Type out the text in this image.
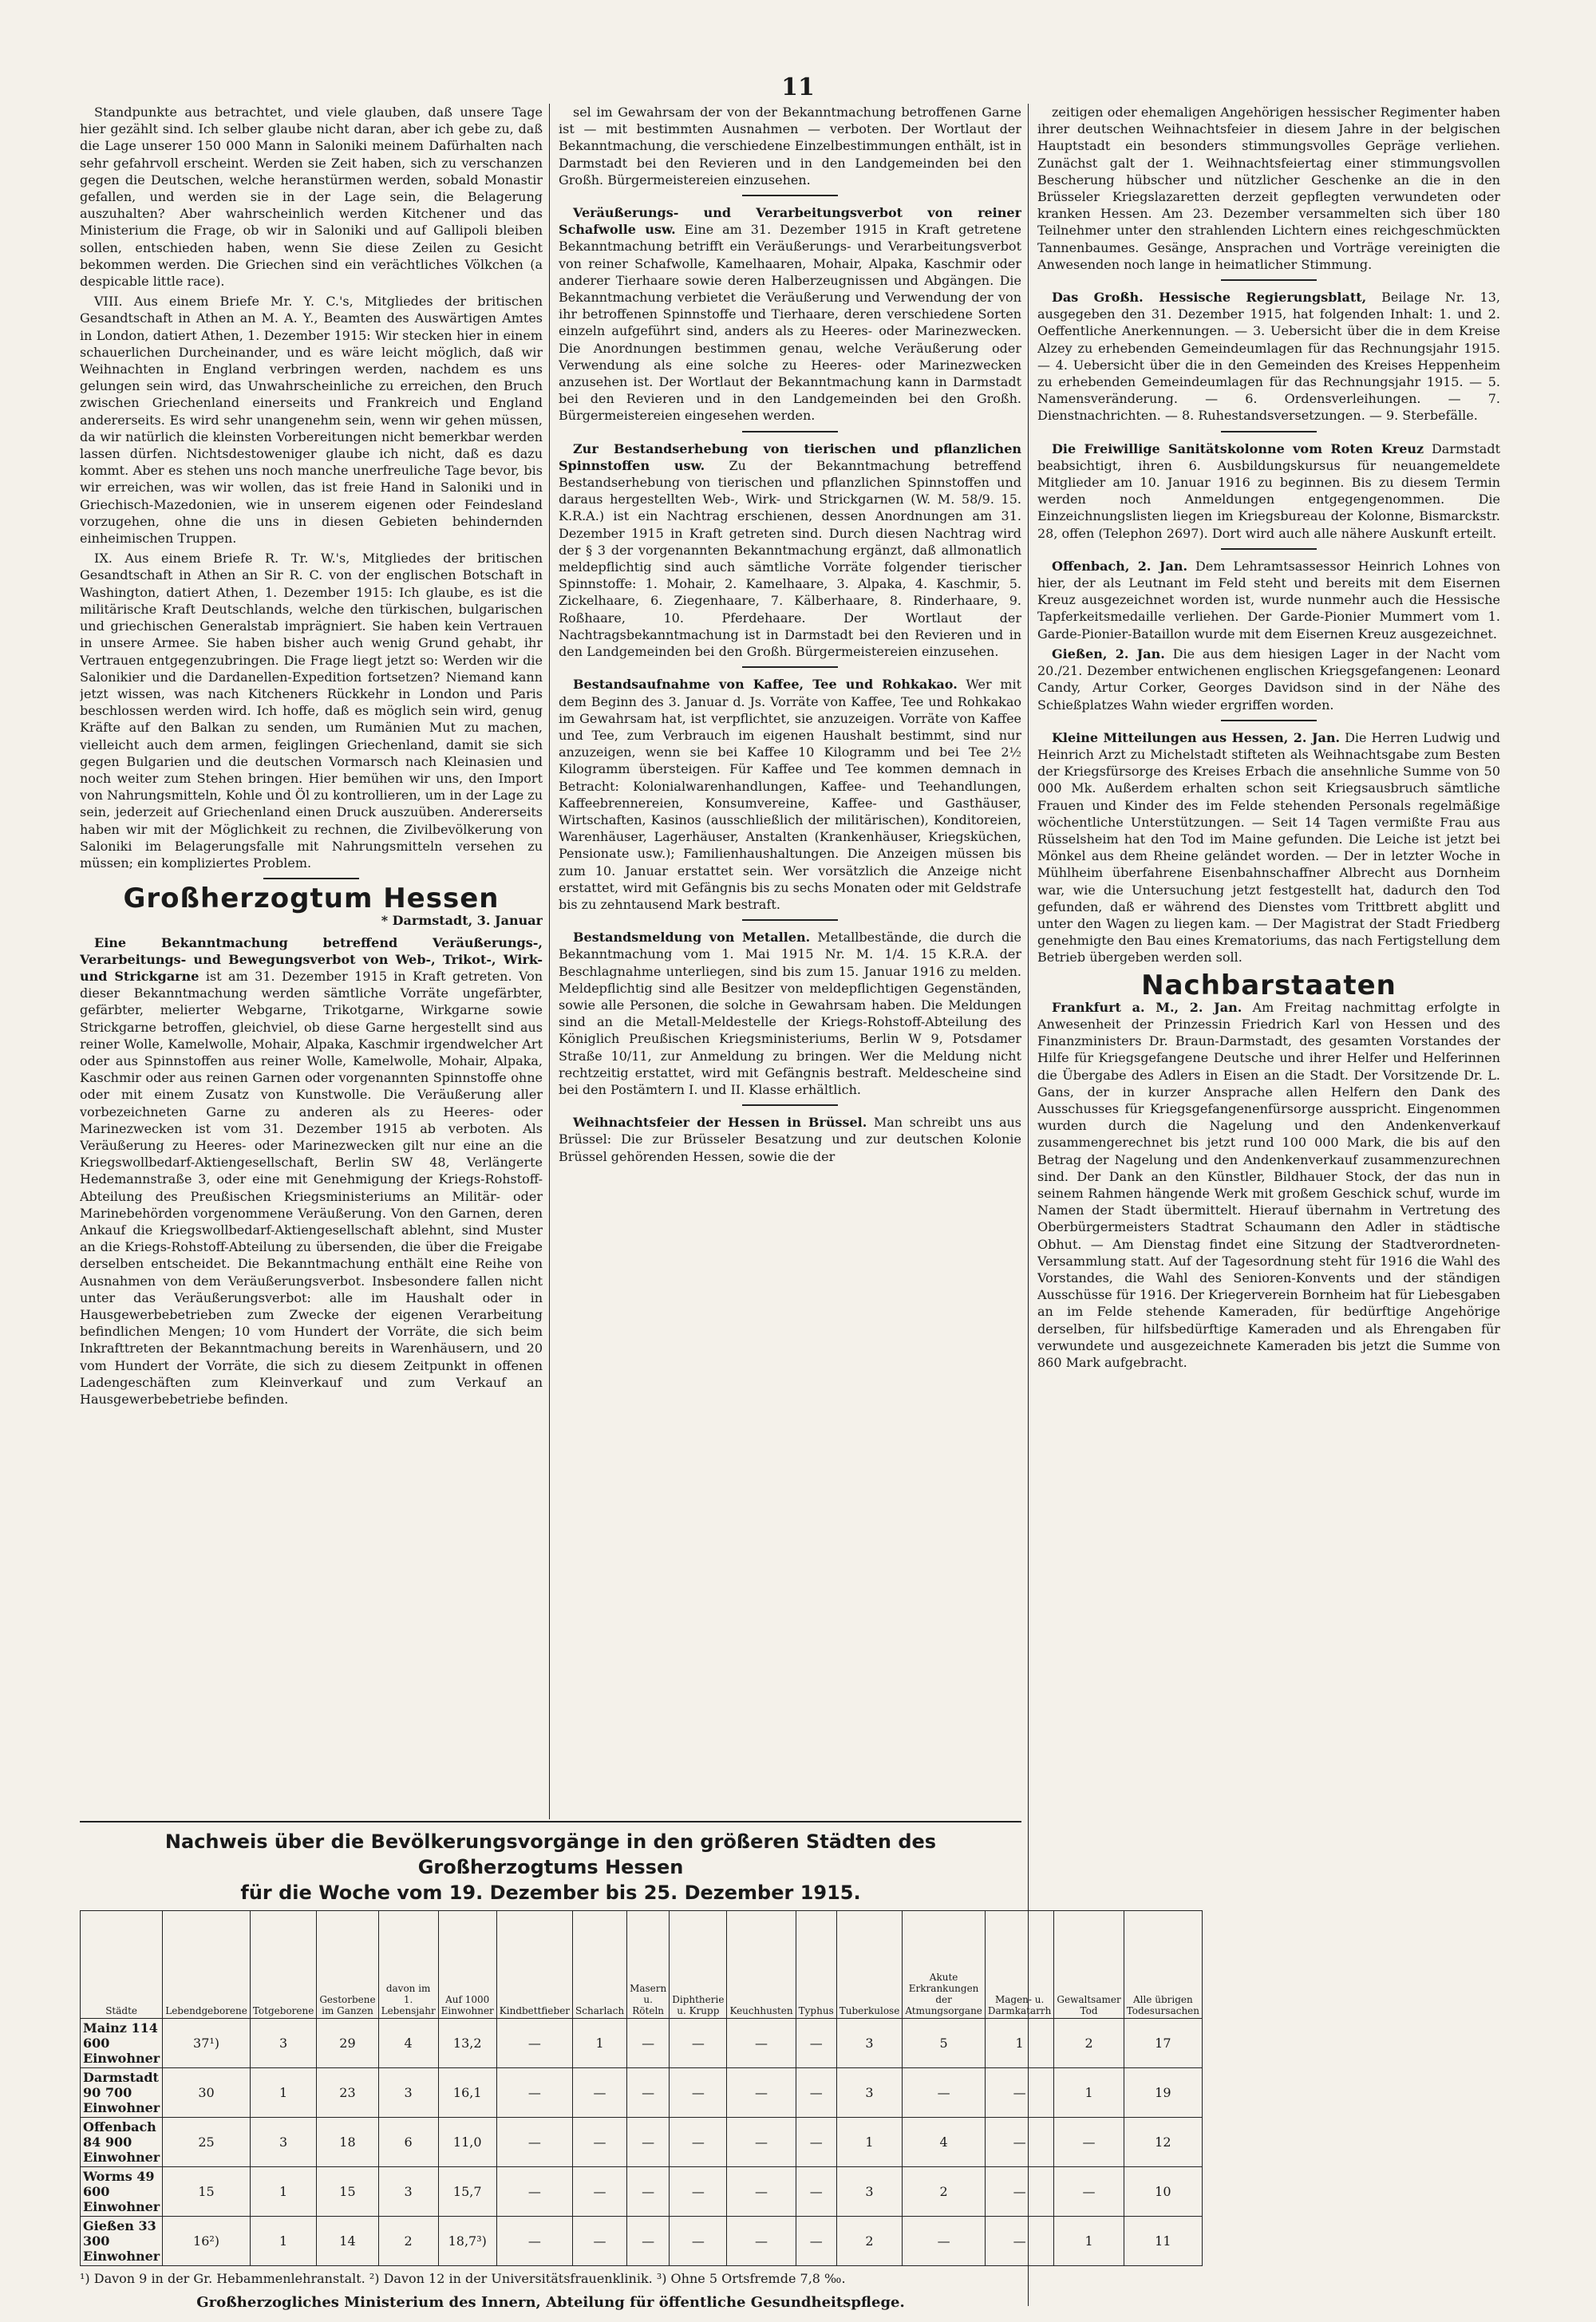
11

Standpunkte aus betrachtet, und viele glauben, daß unsere Tage hier gezählt sind. Ich selber glaube nicht daran, aber ich gebe zu, daß die Lage unserer 150 000 Mann in Saloniki meinem Dafürhalten nach sehr gefahrvoll erscheint. Werden sie Zeit haben, sich zu verschanzen gegen die Deutschen, welche heranstürmen werden, sobald Monastir gefallen, und werden sie in der Lage sein, die Belagerung auszuhalten? Aber wahrscheinlich werden Kitchener und das Ministerium die Frage, ob wir in Saloniki und auf Gallipoli bleiben sollen, entschieden haben, wenn Sie diese Zeilen zu Gesicht bekommen werden. Die Griechen sind ein verächtliches Völkchen (a despicable little race).

VIII. Aus einem Briefe Mr. Y. C.'s, Mitgliedes der britischen Gesandtschaft in Athen an M. A. Y., Beamten des Auswärtigen Amtes in London, datiert Athen, 1. Dezember 1915: Wir stecken hier in einem schauerlichen Durcheinander, und es wäre leicht möglich, daß wir Weihnachten in England verbringen werden, nachdem es uns gelungen sein wird, das Unwahrscheinliche zu erreichen, den Bruch zwischen Griechenland einerseits und Frankreich und England andererseits. Es wird sehr unangenehm sein, wenn wir gehen müssen, da wir natürlich die kleinsten Vorbereitungen nicht bemerkbar werden lassen dürfen. Nichtsdestoweniger glaube ich nicht, daß es dazu kommt. Aber es stehen uns noch manche unerfreuliche Tage bevor, bis wir erreichen, was wir wollen, das ist freie Hand in Saloniki und in Griechisch-Mazedonien, wie in unserem eigenen oder Feindesland vorzugehen, ohne die uns in diesen Gebieten behindernden einheimischen Truppen.

IX. Aus einem Briefe R. Tr. W.'s, Mitgliedes der britischen Gesandtschaft in Athen an Sir R. C. von der englischen Botschaft in Washington, datiert Athen, 1. Dezember 1915: Ich glaube, es ist die militärische Kraft Deutschlands, welche den türkischen, bulgarischen und griechischen Generalstab imprägniert. Sie haben kein Vertrauen in unsere Armee. Sie haben bisher auch wenig Grund gehabt, ihr Vertrauen entgegenzubringen. Die Frage liegt jetzt so: Werden wir die Salonikier und die Dardanellen-Expedition fortsetzen? Niemand kann jetzt wissen, was nach Kitcheners Rückkehr in London und Paris beschlossen werden wird. Ich hoffe, daß es möglich sein wird, genug Kräfte auf den Balkan zu senden, um Rumänien Mut zu machen, vielleicht auch dem armen, feiglingen Griechenland, damit sie sich gegen Bulgarien und die deutschen Vormarsch nach Kleinasien und noch weiter zum Stehen bringen. Hier bemühen wir uns, den Import von Nahrungsmitteln, Kohle und Öl zu kontrollieren, um in der Lage zu sein, jederzeit auf Griechenland einen Druck auszuüben. Andererseits haben wir mit der Möglichkeit zu rechnen, die Zivilbevölkerung von Saloniki im Belagerungsfalle mit Nahrungsmitteln versehen zu müssen; ein kompliziertes Problem.

Großherzogtum Hessen
* Darmstadt, 3. Januar

Eine Bekanntmachung betreffend Veräußerungs-, Verarbeitungs- und Bewegungsverbot von Web-, Trikot-, Wirk- und Strickgarne ist am 31. Dezember 1915 in Kraft getreten. Von dieser Bekanntmachung werden sämtliche Vorräte ungefärbter, gefärbter, melierter Webgarne, Trikotgarne, Wirkgarne sowie Strickgarne betroffen, gleichviel, ob diese Garne hergestellt sind aus reiner Wolle, Kamelwolle, Mohair, Alpaka, Kaschmir irgendwelcher Art oder aus Spinnstoffen aus reiner Wolle, Kamelwolle, Mohair, Alpaka, Kaschmir oder aus reinen Garnen oder vorgenannten Spinnstoffe ohne oder mit einem Zusatz von Kunstwolle. Die Veräußerung aller vorbezeichneten Garne zu anderen als zu Heeres- oder Marinezwecken ist vom 31. Dezember 1915 ab verboten. Als Veräußerung zu Heeres- oder Marinezwecken gilt nur eine an die Kriegswollbedarf-Aktiengesellschaft, Berlin SW 48, Verlängerte Hedemannstraße 3, oder eine mit Genehmigung der Kriegs-Rohstoff-Abteilung des Preußischen Kriegsministeriums an Militär- oder Marinebehörden vorgenommene Veräußerung. Von den Garnen, deren Ankauf die Kriegswollbedarf-Aktiengesellschaft ablehnt, sind Muster an die Kriegs-Rohstoff-Abteilung zu übersenden, die über die Freigabe derselben entscheidet. Die Bekanntmachung enthält eine Reihe von Ausnahmen von dem Veräußerungsverbot. Insbesondere fallen nicht unter das Veräußerungsverbot: alle im Haushalt oder in Hausgewerbebetrieben zum Zwecke der eigenen Verarbeitung befindlichen Mengen; 10 vom Hundert der Vorräte, die sich beim Inkrafttreten der Bekanntmachung bereits in Warenhäusern, und 20 vom Hundert der Vorräte, die sich zu diesem Zeitpunkt in offenen Ladengeschäften zum Kleinverkauf und zum Verkauf an Hausgewerbebetriebe befinden.

sel im Gewahrsam der von der Bekanntmachung betroffenen Garne ist — mit bestimmten Ausnahmen — verboten. Der Wortlaut der Bekanntmachung, die verschiedene Einzelbestimmungen enthält, ist in Darmstadt bei den Revieren und in den Landgemeinden bei den Großh. Bürgermeistereien einzusehen.

Veräußerungs- und Verarbeitungsverbot von reiner Schafwolle usw. Eine am 31. Dezember 1915 in Kraft getretene Bekanntmachung betrifft ein Veräußerungs- und Verarbeitungsverbot von reiner Schafwolle, Kamelhaaren, Mohair, Alpaka, Kaschmir oder anderer Tierhaare sowie deren Halberzeugnissen und Abgängen. Die Bekanntmachung verbietet die Veräußerung und Verwendung der von ihr betroffenen Spinnstoffe und Tierhaare, deren verschiedene Sorten einzeln aufgeführt sind, anders als zu Heeres- oder Marinezwecken. Die Anordnungen bestimmen genau, welche Veräußerung oder Verwendung als eine solche zu Heeres- oder Marinezwecken anzusehen ist. Der Wortlaut der Bekanntmachung kann in Darmstadt bei den Revieren und in den Landgemeinden bei den Großh. Bürgermeistereien eingesehen werden.

Zur Bestandserhebung von tierischen und pflanzlichen Spinnstoffen usw. Zu der Bekanntmachung betreffend Bestandserhebung von tierischen und pflanzlichen Spinnstoffen und daraus hergestellten Web-, Wirk- und Strickgarnen (W. M. 58/9. 15. K.R.A.) ist ein Nachtrag erschienen, dessen Anordnungen am 31. Dezember 1915 in Kraft getreten sind. Durch diesen Nachtrag wird der § 3 der vorgenannten Bekanntmachung ergänzt, daß allmonatlich meldepflichtig sind auch sämtliche Vorräte folgender tierischer Spinnstoffe: 1. Mohair, 2. Kamelhaare, 3. Alpaka, 4. Kaschmir, 5. Zickelhaare, 6. Ziegenhaare, 7. Kälberhaare, 8. Rinderhaare, 9. Roßhaare, 10. Pferdehaare. Der Wortlaut der Nachtragsbekanntmachung ist in Darmstadt bei den Revieren und in den Landgemeinden bei den Großh. Bürgermeistereien einzusehen.

Bestandsaufnahme von Kaffee, Tee und Rohkakao. Wer mit dem Beginn des 3. Januar d. Js. Vorräte von Kaffee, Tee und Rohkakao im Gewahrsam hat, ist verpflichtet, sie anzuzeigen. Vorräte von Kaffee und Tee, zum Verbrauch im eigenen Haushalt bestimmt, sind nur anzuzeigen, wenn sie bei Kaffee 10 Kilogramm und bei Tee 2½ Kilogramm übersteigen. Für Kaffee und Tee kommen demnach in Betracht: Kolonialwarenhandlungen, Kaffee- und Teehandlungen, Kaffeebrennereien, Konsumvereine, Kaffee- und Gasthäuser, Wirtschaften, Kasinos (ausschließlich der militärischen), Konditoreien, Warenhäuser, Lagerhäuser, Anstalten (Krankenhäuser, Kriegsküchen, Pensionate usw.); Familienhaushaltungen. Die Anzeigen müssen bis zum 10. Januar erstattet sein. Wer vorsätzlich die Anzeige nicht erstattet, wird mit Gefängnis bis zu sechs Monaten oder mit Geldstrafe bis zu zehntausend Mark bestraft.

Bestandsmeldung von Metallen. Metallbestände, die durch die Bekanntmachung vom 1. Mai 1915 Nr. M. 1/4. 15 K.R.A. der Beschlagnahme unterliegen, sind bis zum 15. Januar 1916 zu melden. Meldepflichtig sind alle Besitzer von meldepflichtigen Gegenständen, sowie alle Personen, die solche in Gewahrsam haben. Die Meldungen sind an die Metall-Meldestelle der Kriegs-Rohstoff-Abteilung des Königlich Preußischen Kriegsministeriums, Berlin W 9, Potsdamer Straße 10/11, zur Anmeldung zu bringen. Wer die Meldung nicht rechtzeitig erstattet, wird mit Gefängnis bestraft. Meldescheine sind bei den Postämtern I. und II. Klasse erhältlich.

Weihnachtsfeier der Hessen in Brüssel. Man schreibt uns aus Brüssel: Die zur Brüsseler Besatzung und zur deutschen Kolonie Brüssel gehörenden Hessen, sowie die der

zeitigen oder ehemaligen Angehörigen hessischer Regimenter haben ihrer deutschen Weihnachtsfeier in diesem Jahre in der belgischen Hauptstadt ein besonders stimmungsvolles Gepräge verliehen. Zunächst galt der 1. Weihnachtsfeiertag einer stimmungsvollen Bescherung hübscher und nützlicher Geschenke an die in den Brüsseler Kriegslazaretten derzeit gepflegten verwundeten oder kranken Hessen. Am 23. Dezember versammelten sich über 180 Teilnehmer unter den strahlenden Lichtern eines reichgeschmückten Tannenbaumes. Gesänge, Ansprachen und Vorträge vereinigten die Anwesenden noch lange in heimatlicher Stimmung.

Das Großh. Hessische Regierungsblatt, Beilage Nr. 13, ausgegeben den 31. Dezember 1915, hat folgenden Inhalt: 1. und 2. Oeffentliche Anerkennungen. — 3. Uebersicht über die in dem Kreise Alzey zu erhebenden Gemeindeumlagen für das Rechnungsjahr 1915. — 4. Uebersicht über die in den Gemeinden des Kreises Heppenheim zu erhebenden Gemeindeumlagen für das Rechnungsjahr 1915. — 5. Namensveränderung. — 6. Ordensverleihungen. — 7. Dienstnachrichten. — 8. Ruhestandsversetzungen. — 9. Sterbefälle.

Die Freiwillige Sanitätskolonne vom Roten Kreuz Darmstadt beabsichtigt, ihren 6. Ausbildungskursus für neuangemeldete Mitglieder am 10. Januar 1916 zu beginnen. Bis zu diesem Termin werden noch Anmeldungen entgegengenommen. Die Einzeichnungslisten liegen im Kriegsbureau der Kolonne, Bismarckstr. 28, offen (Telephon 2697). Dort wird auch alle nähere Auskunft erteilt.

Offenbach, 2. Jan. Dem Lehramtsassessor Heinrich Lohnes von hier, der als Leutnant im Feld steht und bereits mit dem Eisernen Kreuz ausgezeichnet worden ist, wurde nunmehr auch die Hessische Tapferkeitsmedaille verliehen. Der Garde-Pionier Mummert vom 1. Garde-Pionier-Bataillon wurde mit dem Eisernen Kreuz ausgezeichnet.

Gießen, 2. Jan. Die aus dem hiesigen Lager in der Nacht vom 20./21. Dezember entwichenen englischen Kriegsgefangenen: Leonard Candy, Artur Corker, Georges Davidson sind in der Nähe des Schießplatzes Wahn wieder ergriffen worden.

Kleine Mitteilungen aus Hessen, 2. Jan. Die Herren Ludwig und Heinrich Arzt zu Michelstadt stifteten als Weihnachtsgabe zum Besten der Kriegsfürsorge des Kreises Erbach die ansehnliche Summe von 50 000 Mk. Außerdem erhalten schon seit Kriegsausbruch sämtliche Frauen und Kinder des im Felde stehenden Personals regelmäßige wöchentliche Unterstützungen. — Seit 14 Tagen vermißte Frau aus Rüsselsheim hat den Tod im Maine gefunden. Die Leiche ist jetzt bei Mönkel aus dem Rheine geländet worden. — Der in letzter Woche in Mühlheim überfahrene Eisenbahnschaffner Albrecht aus Dornheim war, wie die Untersuchung jetzt festgestellt hat, dadurch den Tod gefunden, daß er während des Dienstes vom Trittbrett abglitt und unter den Wagen zu liegen kam. — Der Magistrat der Stadt Friedberg genehmigte den Bau eines Krematoriums, das nach Fertigstellung dem Betrieb übergeben werden soll.

Nachbarstaaten

Frankfurt a. M., 2. Jan. Am Freitag nachmittag erfolgte in Anwesenheit der Prinzessin Friedrich Karl von Hessen und des Finanzministers Dr. Braun-Darmstadt, des gesamten Vorstandes der Hilfe für Kriegsgefangene Deutsche und ihrer Helfer und Helferinnen die Übergabe des Adlers in Eisen an die Stadt. Der Vorsitzende Dr. L. Gans, der in kurzer Ansprache allen Helfern den Dank des Ausschusses für Kriegsgefangenenfürsorge ausspricht. Eingenommen wurden durch die Nagelung und den Andenkenverkauf zusammengerechnet bis jetzt rund 100 000 Mark, die bis auf den Betrag der Nagelung und den Andenkenverkauf zusammenzurechnen sind. Der Dank an den Künstler, Bildhauer Stock, der das nun in seinem Rahmen hängende Werk mit großem Geschick schuf, wurde im Namen der Stadt übermittelt. Hierauf übernahm in Vertretung des Oberbürgermeisters Stadtrat Schaumann den Adler in städtische Obhut. — Am Dienstag findet eine Sitzung der Stadtverordneten-Versammlung statt. Auf der Tagesordnung steht für 1916 die Wahl des Vorstandes, die Wahl des Senioren-Konvents und der ständigen Ausschüsse für 1916. Der Kriegerverein Bornheim hat für Liebesgaben an im Felde stehende Kameraden, für bedürftige Angehörige derselben, für hilfsbedürftige Kameraden und als Ehrengaben für verwundete und ausgezeichnete Kameraden bis jetzt die Summe von 860 Mark aufgebracht.

Nachweis über die Bevölkerungsvorgänge in den größeren Städten des Großherzogtums Hessen
für die Woche vom 19. Dezember bis 25. Dezember 1915.
Städte	Lebendgeborene	Totgeborene	Gestorbene im Ganzen	davon im 1. Lebensjahr	Auf 1000 Einwohner	Kindbettfieber	Scharlach	Masern u. Röteln	Diphtherie u. Krupp	Keuchhusten	Typhus	Tuberkulose	Akute Erkrankungen der Atmungsorgane	Magen- u. Darmkatarrh	Gewaltsamer Tod	Alle übrigen Todesursachen
Mainz 114 600 Einwohner	37¹)	3	29	4	13,2	—	1	—	—	—	—	3	5	1	2	17
Darmstadt 90 700 Einwohner	30	1	23	3	16,1	—	—	—	—	—	—	3	—	—	1	19
Offenbach 84 900 Einwohner	25	3	18	6	11,0	—	—	—	—	—	—	1	4	—	—	12
Worms 49 600 Einwohner	15	1	15	3	15,7	—	—	—	—	—	—	3	2	—	—	10
Gießen 33 300 Einwohner	16²)	1	14	2	18,7³)	—	—	—	—	—	—	2	—	—	1	11
¹) Davon 9 in der Gr. Hebammenlehranstalt. ²) Davon 12 in der Universitätsfrauenklinik. ³) Ohne 5 Ortsfremde 7,8 ‰.
Großherzogliches Ministerium des Innern, Abteilung für öffentliche Gesundheitspflege.
